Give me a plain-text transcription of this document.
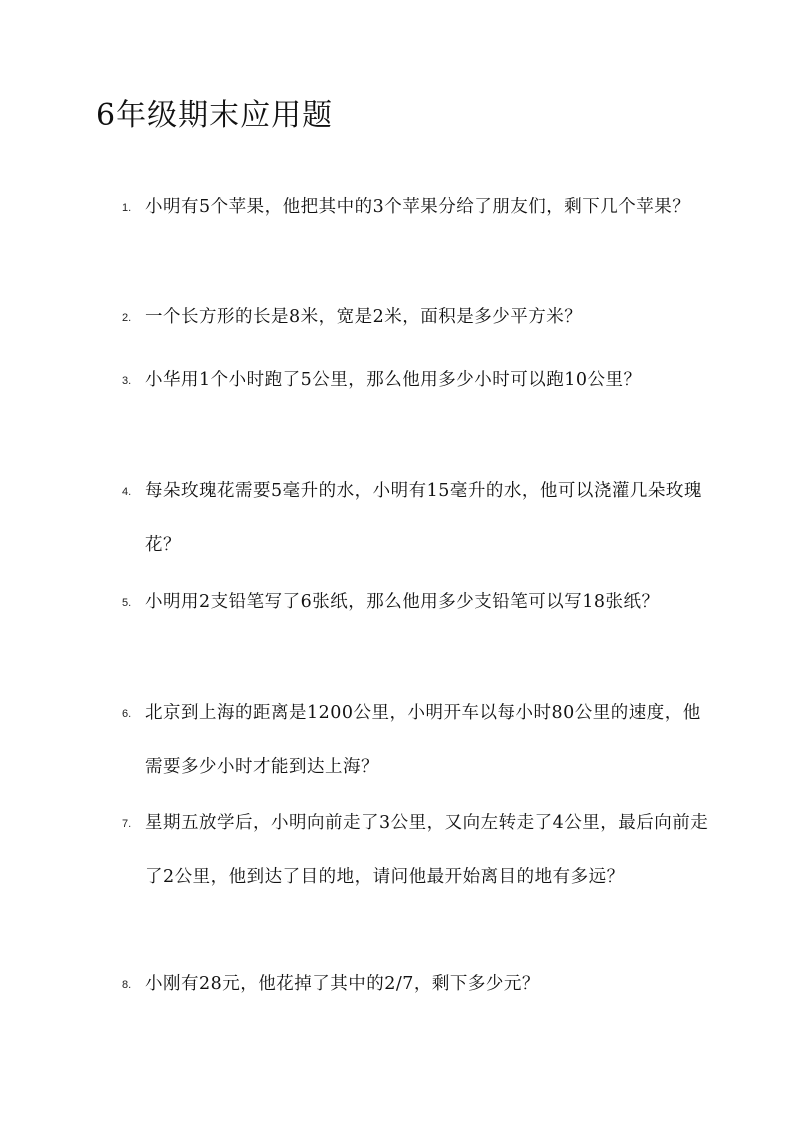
6年级期末应用题
1. 小明有5个苹果，他把其中的3个苹果分给了朋友们，剩下几个苹果？

2. 一个长方形的长是8米，宽是2米，面积是多少平方米？

3. 小华用1个小时跑了5公里，那么他用多少小时可以跑10公里？

4. 每朵玫瑰花需要5毫升的水，小明有15毫升的水，他可以浇灌几朵玫瑰花？

5. 小明用2支铅笔写了6张纸，那么他用多少支铅笔可以写18张纸？

6. 北京到上海的距离是1200公里，小明开车以每小时80公里的速度，他需要多少小时才能到达上海？

7. 星期五放学后，小明向前走了3公里，又向左转走了4公里，最后向前走了2公里，他到达了目的地，请问他最开始离目的地有多远？

8. 小刚有28元，他花掉了其中的2/7，剩下多少元？
